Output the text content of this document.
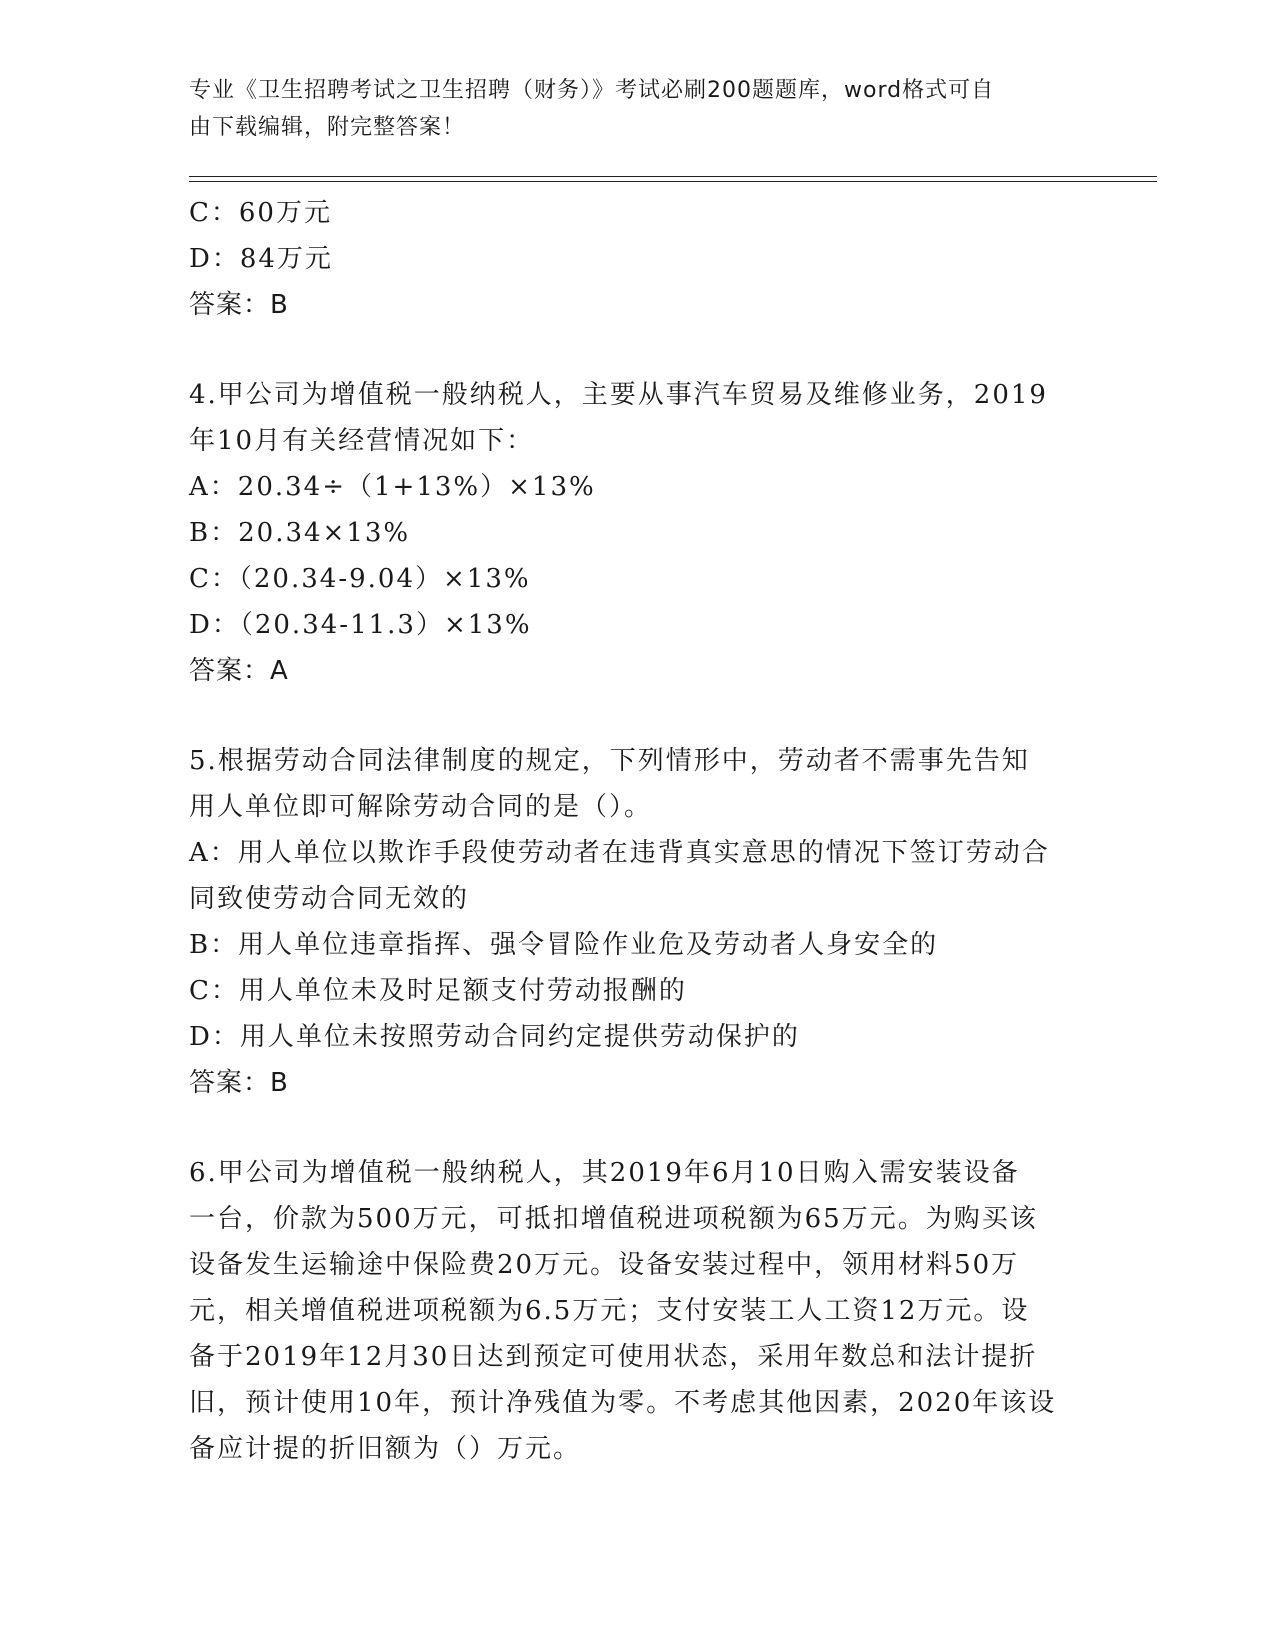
专业《卫生招聘考试之卫生招聘（财务）》考试必刷200题题库，word格式可自
由下载编辑，附完整答案！
C：60万元
D：84万元
答案：B
4.甲公司为增值税一般纳税人，主要从事汽车贸易及维修业务，2019
年10月有关经营情况如下：
A：20.34÷（1+13%）×13%
B：20.34×13%
C：（20.34-9.04）×13%
D：（20.34-11.3）×13%
答案：A
5.根据劳动合同法律制度的规定，下列情形中，劳动者不需事先告知
用人单位即可解除劳动合同的是（）。
A：用人单位以欺诈手段使劳动者在违背真实意思的情况下签订劳动合
同致使劳动合同无效的
B：用人单位违章指挥、强令冒险作业危及劳动者人身安全的
C：用人单位未及时足额支付劳动报酬的
D：用人单位未按照劳动合同约定提供劳动保护的
答案：B
6.甲公司为增值税一般纳税人，其2019年6月10日购入需安装设备
一台，价款为500万元，可抵扣增值税进项税额为65万元。为购买该
设备发生运输途中保险费20万元。设备安装过程中，领用材料50万
元，相关增值税进项税额为6.5万元；支付安装工人工资12万元。设
备于2019年12月30日达到预定可使用状态，采用年数总和法计提折
旧，预计使用10年，预计净残值为零。不考虑其他因素，2020年该设
备应计提的折旧额为（）万元。
